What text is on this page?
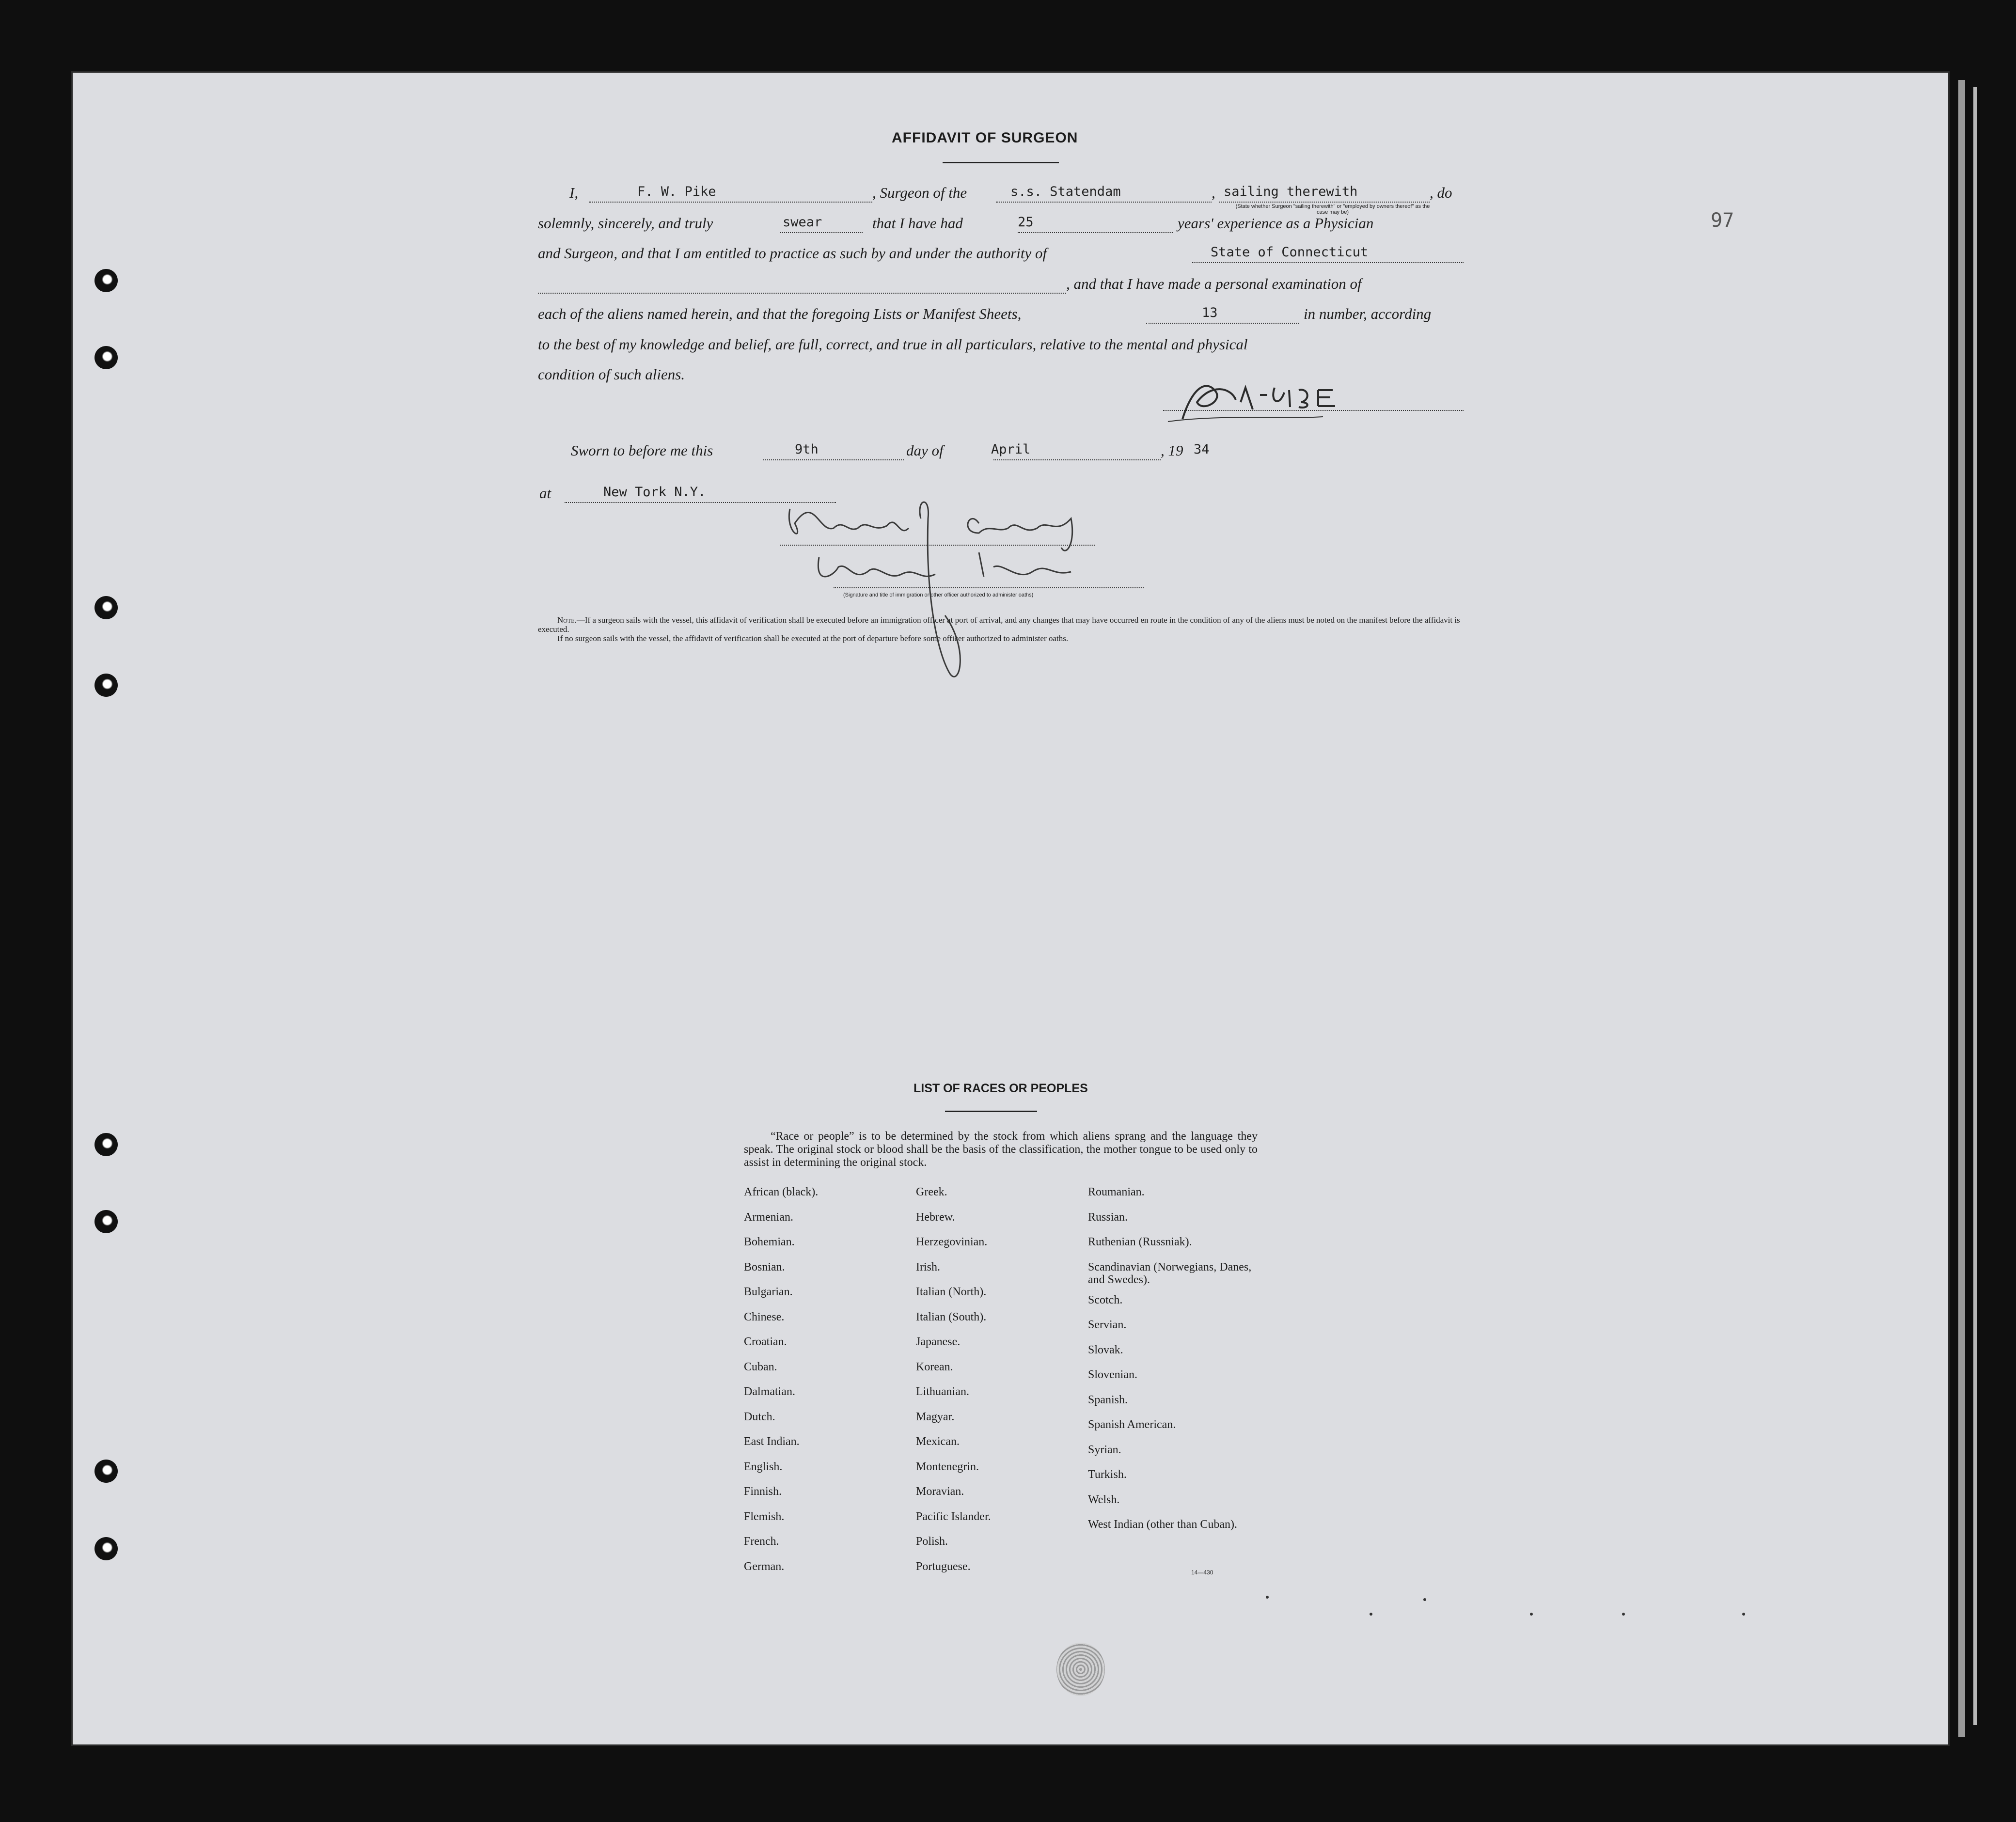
97
AFFIDAVIT OF SURGEON
I,	F. W. Pike	, Surgeon of the	s.s. Statendam	, sailing therewith	, do
(State whether Surgeon "sailing therewith" or "employed by owners thereof" as the case may be)
solemnly, sincerely, and truly	swear	that I have had	25	years' experience as a Physician
and Surgeon, and that I am entitled to practice as such by and under the authority of	State of Connecticut
, and that I have made a personal examination of
each of the aliens named herein, and that the foregoing Lists or Manifest Sheets,	13	in number, according
to the best of my knowledge and belief, are full, correct, and true in all particulars, relative to the mental and physical
condition of such aliens.
Sworn to before me this	9th	day of	April	, 19 34
at	New Tork N.Y.
(Signature and title of immigration or other officer authorized to administer oaths)
Note.—If a surgeon sails with the vessel, this affidavit of verification shall be executed before an immigration officer at port of arrival, and any changes that may have occurred en route in the condition of any of the aliens must be noted on the manifest before the affidavit is executed.
If no surgeon sails with the vessel, the affidavit of verification shall be executed at the port of departure before some officer authorized to administer oaths.
LIST OF RACES OR PEOPLES
“Race or people” is to be determined by the stock from which aliens sprang and the language they speak. The original stock or blood shall be the basis of the classification, the mother tongue to be used only to assist in determining the original stock.
African (black).
Armenian.
Bohemian.
Bosnian.
Bulgarian.
Chinese.
Croatian.
Cuban.
Dalmatian.
Dutch.
East Indian.
English.
Finnish.
Flemish.
French.
German.
Greek.
Hebrew.
Herzegovinian.
Irish.
Italian (North).
Italian (South).
Japanese.
Korean.
Lithuanian.
Magyar.
Mexican.
Montenegrin.
Moravian.
Pacific Islander.
Polish.
Portuguese.
Roumanian.
Russian.
Ruthenian (Russniak).
Scandinavian (Norwegians, Danes, and Swedes).
Scotch.
Servian.
Slovak.
Slovenian.
Spanish.
Spanish American.
Syrian.
Turkish.
Welsh.
West Indian (other than Cuban).
14—430
